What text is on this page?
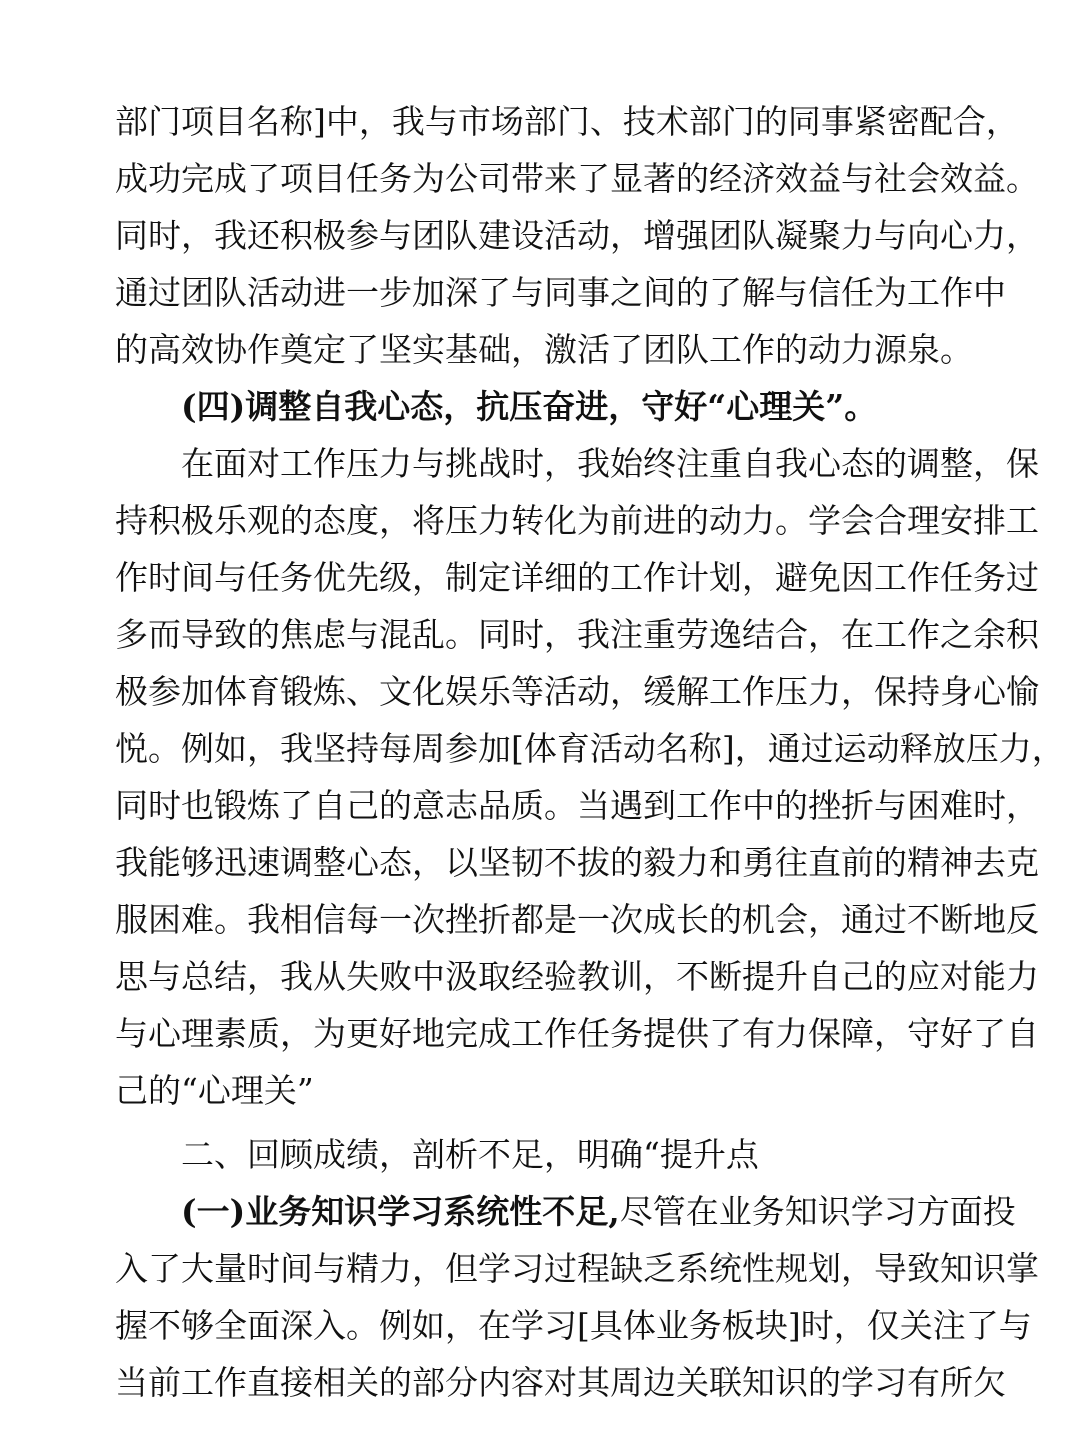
部门项目名称]中，我与市场部门、技术部门的同事紧密配合，
成功完成了项目任务为公司带来了显著的经济效益与社会效益。
同时，我还积极参与团队建设活动，增强团队凝聚力与向心力，
通过团队活动进一步加深了与同事之间的了解与信任为工作中
的高效协作奠定了坚实基础，激活了团队工作的动力源泉。
(四)调整自我心态，抗压奋进，守好“心理关”。
在面对工作压力与挑战时，我始终注重自我心态的调整，保
持积极乐观的态度，将压力转化为前进的动力。学会合理安排工
作时间与任务优先级，制定详细的工作计划，避免因工作任务过
多而导致的焦虑与混乱。同时，我注重劳逸结合，在工作之余积
极参加体育锻炼、文化娱乐等活动，缓解工作压力，保持身心愉
悦。例如，我坚持每周参加[体育活动名称]，通过运动释放压力，
同时也锻炼了自己的意志品质。当遇到工作中的挫折与困难时，
我能够迅速调整心态，以坚韧不拔的毅力和勇往直前的精神去克
服困难。我相信每一次挫折都是一次成长的机会，通过不断地反
思与总结，我从失败中汲取经验教训，不断提升自己的应对能力
与心理素质，为更好地完成工作任务提供了有力保障，守好了自
己的“心理关”
二、回顾成绩，剖析不足，明确“提升点
(一)业务知识学习系统性不足,尽管在业务知识学习方面投
入了大量时间与精力，但学习过程缺乏系统性规划，导致知识掌
握不够全面深入。例如，在学习[具体业务板块]时，仅关注了与
当前工作直接相关的部分内容对其周边关联知识的学习有所欠
